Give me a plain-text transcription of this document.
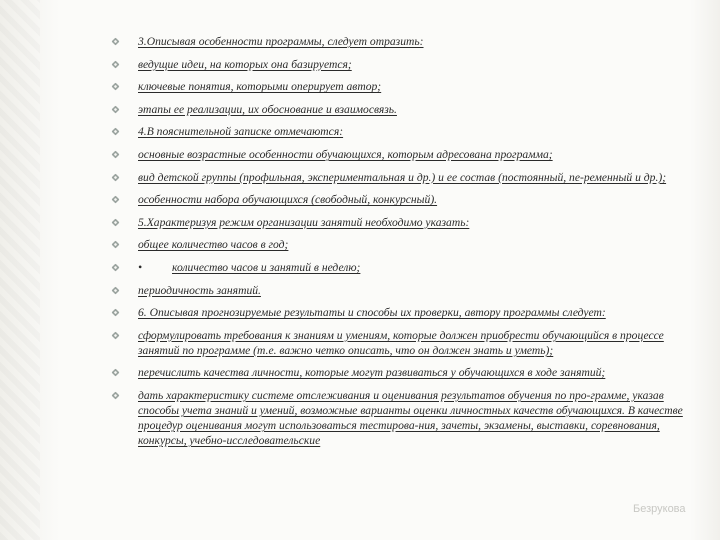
3.Описывая особенности программы, следует отразить:
ведущие идеи, на которых она базируется;
ключевые понятия, которыми оперирует автор;
этапы ее реализации, их обоснование и взаимосвязь.
4.В пояснительной записке отмечаются:
основные возрастные особенности обучающихся, которым адресована программа;
вид детской группы (профильная, экспериментальная и др.) и ее состав (постоянный, пе-ременный и др.);
особенности набора обучающихся (свободный, конкурсный).
5.Характеризуя режим организации занятий необходимо указать:
общее количество часов в год;
•	количество часов и занятий в неделю;
периодичность занятий.
6. Описывая прогнозируемые результаты и способы их проверки, автору программы следует:
сформулировать требования к знаниям и умениям, которые должен приобрести обучающийся в процессе занятий по программе (т.е. важно четко описать, что он должен знать и уметь);
перечислить качества личности, которые могут развиваться у обучающихся в ходе занятий;
дать характеристику системе отслеживания и оценивания результатов обучения по про-грамме, указав способы учета знаний и умений, возможные варианты оценки личностных качеств обучающихся. В качестве процедур оценивания могут использоваться тестирова-ния, зачеты, экзамены, выставки, соревнования, конкурсы, учебно-исследовательские
Безрукова
